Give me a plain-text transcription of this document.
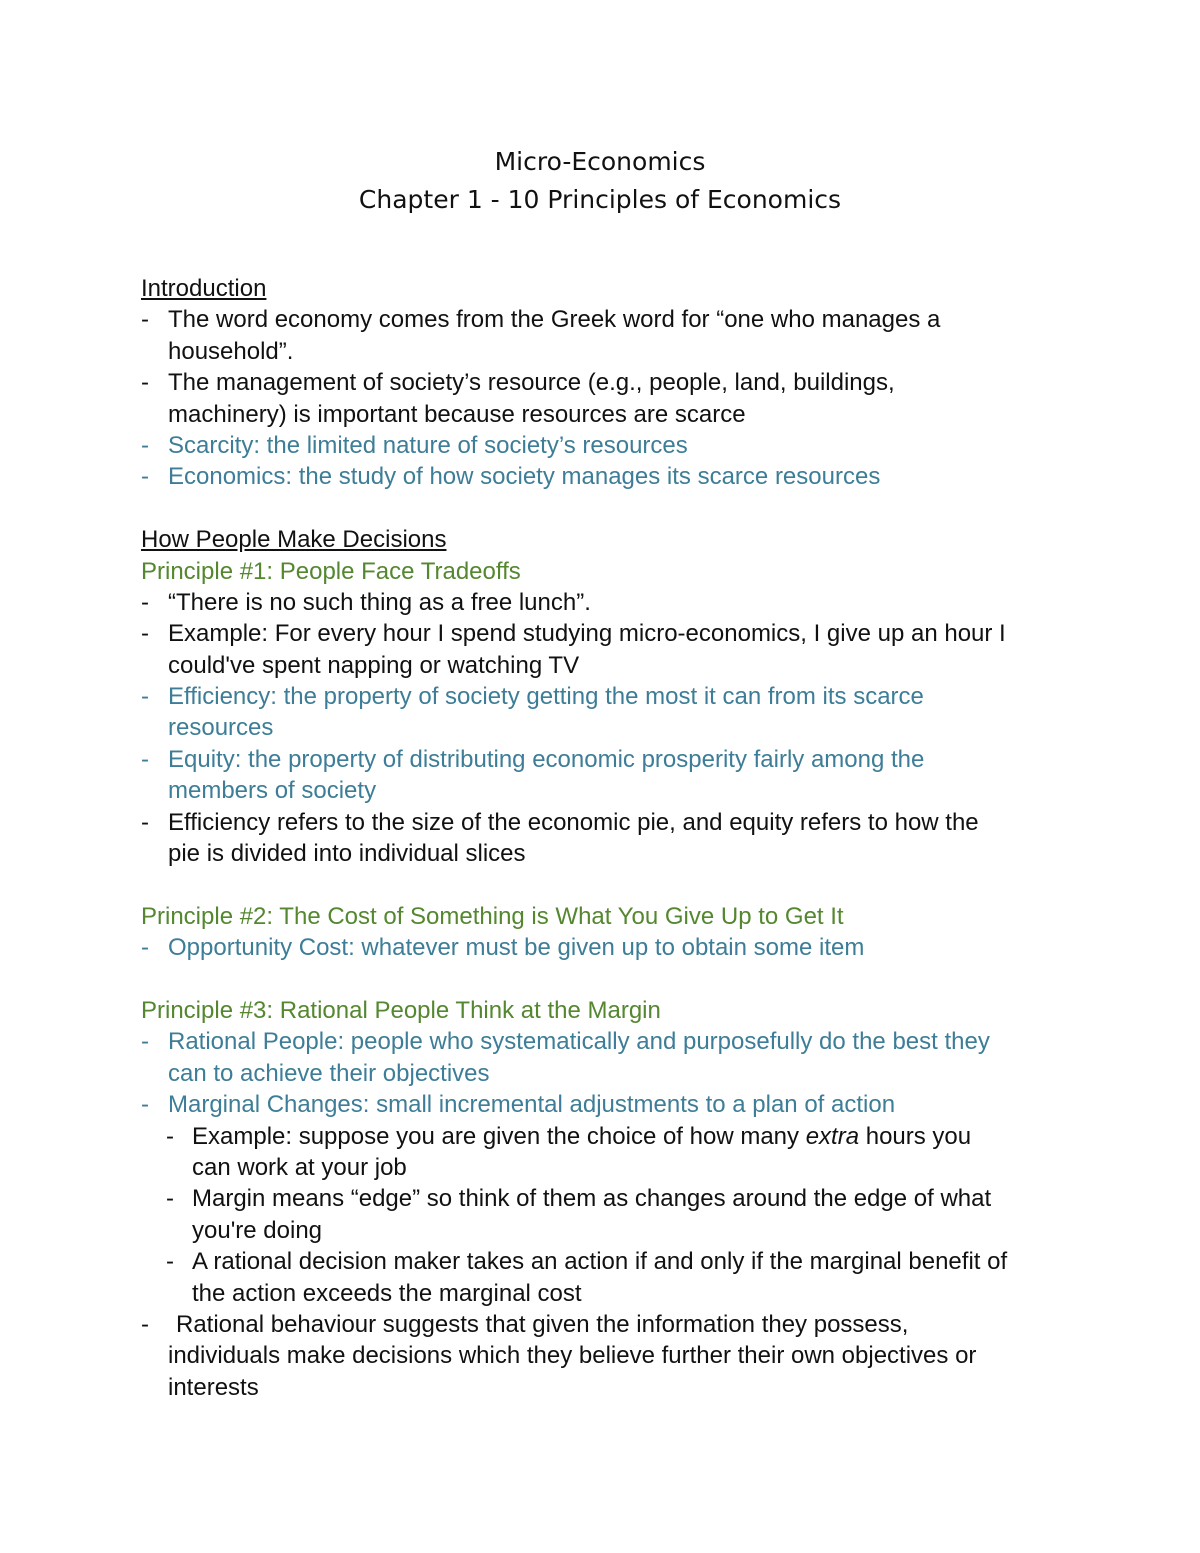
Micro-Economics
Chapter 1 - 10 Principles of Economics
Introduction
- The word economy comes from the Greek word for “one who manages a
household”.
- The management of society’s resource (e.g., people, land, buildings,
machinery) is important because resources are scarce
- Scarcity: the limited nature of society’s resources
- Economics: the study of how society manages its scarce resources
How People Make Decisions
Principle #1: People Face Tradeoffs
- “There is no such thing as a free lunch”.
- Example: For every hour I spend studying micro-economics, I give up an hour I
could've spent napping or watching TV
- Efficiency: the property of society getting the most it can from its scarce
resources
- Equity: the property of distributing economic prosperity fairly among the
members of society
- Efficiency refers to the size of the economic pie, and equity refers to how the
pie is divided into individual slices
Principle #2: The Cost of Something is What You Give Up to Get It
- Opportunity Cost: whatever must be given up to obtain some item
Principle #3: Rational People Think at the Margin
- Rational People: people who systematically and purposefully do the best they
can to achieve their objectives
- Marginal Changes: small incremental adjustments to a plan of action
- Example: suppose you are given the choice of how many extra hours you
can work at your job
- Margin means “edge” so think of them as changes around the edge of what
you're doing
- A rational decision maker takes an action if and only if the marginal benefit of
the action exceeds the marginal cost
- Rational behaviour suggests that given the information they possess,
individuals make decisions which they believe further their own objectives or
interests
